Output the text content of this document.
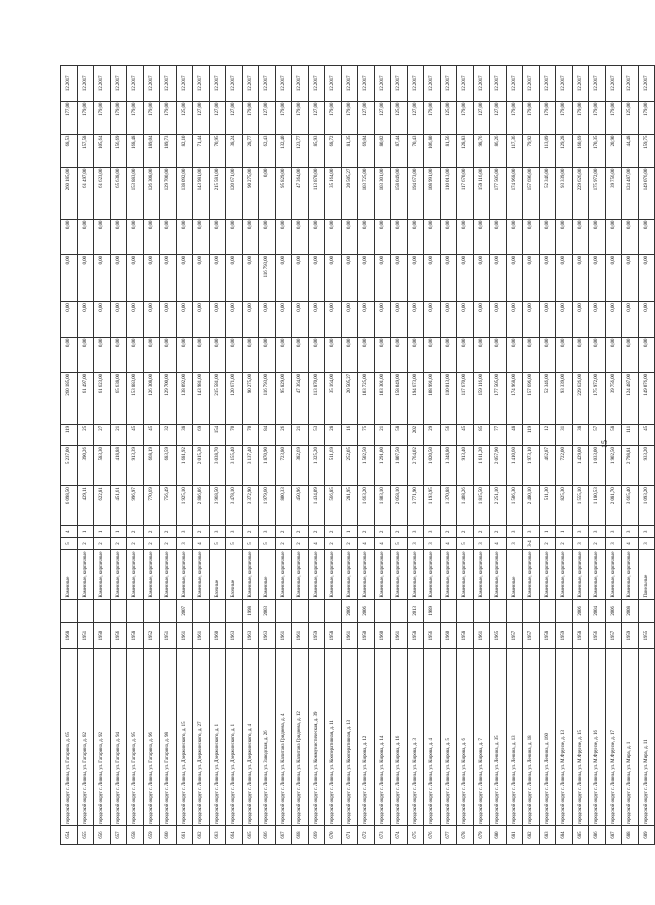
654	городской округ г. Ливны, ул. Гагарина, д. 65	1968		Каменные	5	4	6 098,50	5 237,00	119	260 185,00	0,00	0,00	0,00	0,00	260 185,00	68,53	177,00	12.2017
655	городской округ г. Ливны, ул. Гагарина, д. 82	1951		Каменные, кирпичные	2	1	429,11	390,26	25	61 497,00	0,00	0,00	0,00	0,00	61 497,00	157,58	179,00	12.2017
656	городской округ г. Ливны, ул. Гагарина, д. 92	1950		Каменные, кирпичные	2	1	622,81	583,30	27	61 623,00	0,00	0,00	0,00	0,00	61 623,00	105,64	179,00	12.2017
657	городской округ г. Ливны, ул. Гагарина, д. 94	1956		Каменные, кирпичные	2	1	451,61	418,88	21	65 638,00	0,00	0,00	0,00	0,00	65 638,00	156,69	179,00	12.2017
658	городской округ г. Ливны, ул. Гагарина, д. 95	1958		Каменные, кирпичные	2	2	996,97	913,39	45	153 883,00	0,00	0,00	0,00	0,00	153 883,00	168,48	179,00	12.2017
659	городской округ г. Ливны, ул. Гагарина, д. 96	1952		Каменные, кирпичные	2	2	770,69	668,19	45	126 308,00	0,00	0,00	0,00	0,00	126 308,00	189,04	179,00	12.2017
660	городской округ г. Ливны, ул. Гагарина, д. 98	1951		Каменные, кирпичные	2	2	756,49	683,59	32	129 700,00	0,00	0,00	0,00	0,00	129 700,00	189,73	179,00	12.2017
661	городской округ г. Ливны, ул. Дзержинского, д. 15	1961	2007	Каменные, кирпичные	3	3	1 925,10	1 681,92	38	138 092,00	0,00	0,00	0,00	0,00	138 092,00	82,10	125,00	12.2017
662	городской округ г. Ливны, ул. Дзержинского, д. 27	1961		Каменные, кирпичные	4	2	2 886,06	2 015,30	69	143 981,00	0,00	0,00	0,00	0,00	143 981,00	71,44	127,00	12.2017
663	городской округ г. Ливны, ул. Дзержинского, д. 1	1960		Блочные	5	3	3 968,50	3 038,70	154	215 581,00	0,00	0,00	0,00	0,00	215 581,00	70,95	127,00	12.2017
664	городской округ г. Ливны, ул. Дзержинского, д. 1	1963		Блочные	5	3	3 478,10	3 155,40	70	120 671,00	0,00	0,00	0,00	0,00	120 671,00	38,24	127,00	12.2017
665	городской округ г. Ливны, ул. Дзержинского, д. 4	1963	1998	Каменные, кирпичные	5	2	3 372,90	3 137,40	70	90 275,00	0,00	0,00	0,00	0,00	90 275,00	28,77	179,00	12.2017
666	городской округ г. Ливны, ул. Заводская, д. 26	1963	2003	Каменные	5	3	1 979,60	1 870,90	84	116 793,00	0,00	0,00	116 793,00	0,00	0,00	62,43	127,00	12.2017
667	городской округ г. Ливны, ул. Капитана Гриднева, д. 4	1961		Каменные, кирпичные	2	2	800,33	723,80	26	95 829,00	0,00	0,00	0,00	0,00	95 829,00	132,40	179,00	12.2017
668	городской округ г. Ливны, ул. Капитана Гриднева, д. 12	1961		Каменные, кирпичные	2	2	450,96	382,69	21	47 364,00	0,00	0,00	0,00	0,00	47 364,00	123,77	179,00	12.2017
669	городской округ г. Ливны, ул. Коммунистическая, д. 39	1959		Каменные, кирпичные	4	2	1 434,09	1 325,20	53	113 870,00	0,00	0,00	0,00	0,00	113 870,00	85,93	127,00	12.2017
670	городской округ г. Ливны, ул. Кооперативная, д. 11	1958		Каменные, кирпичные	2	2	566,85	511,69	28	35 164,00	0,00	0,00	0,00	0,00	35 164,00	68,72	179,00	12.2017
671	городской округ г. Ливны, ул. Кооперативная, д. 13	1961	2006	Каменные, кирпичные	2	1	281,95	252,05	16	20 505,27	0,00	0,00	0,00	0,00	20 505,27	81,35	179,00	12.2017
672	городской округ г. Ливны, ул. Кирова, д. 12	1950	2006	Каменные, кирпичные	4	2	1 663,20	1 502,50	75	103 725,00	0,00	0,00	0,00	0,00	103 725,00	69,04	127,00	12.2017
673	городской округ г. Ливны, ул. Кирова, д. 14	1960		Каменные, кирпичные	4	2	1 803,10	1 291,00	21	103 301,00	0,00	0,00	0,00	0,00	103 301,00	80,02	127,00	12.2017
674	городской округ г. Ливны, ул. Кирова, д. 16	1961		Каменные, кирпичные	5	2	2 058,10	1 807,50	58	158 049,00	0,00	0,00	0,00	0,00	158 049,00	87,44	125,00	12.2017
675	городской округ г. Ливны, ул. Кирова, д. 3	1958	2013	Каменные, кирпичные	3	3	3 771,90	2 764,02	202	194 673,00	0,00	0,00	0,00	0,00	194 673,00	70,43	127,00	12.2017
676	городской округ г. Ливны, ул. Кирова, д. 4	1956	1989	Каменные, кирпичные	3	3	1 193,95	1 020,50	29	108 991,00	0,00	0,00	0,00	0,00	108 991,00	106,80	179,00	12.2017
677	городской округ г. Ливны, ул. Кирова, д. 5	1960		Каменные, кирпичные	4	2	1 370,88	1 348,80	56	110 013,00	0,00	0,00	0,00	0,00	110 013,00	81,56	125,00	12.2017
678	городской округ г. Ливны, ул. Кирова, д. 6	1958		Каменные, кирпичные	5	2	1 408,26	913,40	45	117 670,00	0,00	0,00	0,00	0,00	117 670,00	128,83	179,00	12.2017
679	городской округ г. Ливны, ул. Кирова, д. 7	1961		Каменные, кирпичные	3	2	1 815,50	1 611,20	85	159 116,00	0,00	0,00	0,00	0,00	159 116,00	98,76	127,00	12.2017
680	городской округ г. Ливны, ул. Ленина, д. 35	1965		Каменные, кирпичные	4	2	2 251,10	2 057,90	77	177 505,00	0,00	0,00	0,00	0,00	177 505,00	86,26	127,00	12.2017
681	городской округ г. Ливны, ул. Ленина, д. 13	1957		Каменные	3	3	1 506,30	1 410,60	48	174 968,00	0,00	0,00	0,00	0,00	174 968,00	117,36	179,00	12.2017
682	городской округ г. Ливны, ул. Ленина, д. 18	1957		Каменные, кирпичные	3-4	3	2 480,10	1 973,10	119	157 696,00	0,00	0,00	0,00	0,00	157 696,00	79,92	179,00	12.2017
683	городской округ г. Ливны, ул. Ленина, д. 160	1958		Каменные, кирпичные	2	1	511,30	462,87	12	52 346,00	0,00	0,00	0,00	0,00	52 346,00	113,09	179,00	12.2017
684	городской округ г. Ливны, ул. М.Фрунзе, д. 13	1959		Каменные, кирпичные	2	1	825,30	722,00	31	93 339,00	0,00	0,00	0,00	0,00	93 339,00	129,28	179,00	12.2017
685	городской округ г. Ливны, ул. М.Фрунзе, д. 15	1958	2006	Каменные, кирпичные	3	3	1 555,10	1 429,00	38	229 626,00	0,00	0,00	0,00	0,00	229 626,00	160,69	179,00	12.2017
686	городской округ г. Ливны, ул. М.Фрунзе, д. 16	1956	2004	Каменные, кирпичные	2	3	1 180,53	1 033,00	57	175 972,00	0,00	0,00	0,00	0,00	175 972,00	170,35	179,00	12.2017
687	городской округ г. Ливны, ул. М.Фрунзе, д. 17	1957	2006	Каменные, кирпичные	3	3	2 081,70	1 902,50	58	39 756,00	0,00	0,00	0,00	0,00	39 756,00	20,90	179,00	12.2017
688	городской округ г. Ливны, ул. Мира, д. 1	1959	2008	Каменные, кирпичные	4	3	3 665,40	2 798,81	111	124 487,00	0,00	0,00	0,00	0,00	124 487,00	44,48	125,00	12.2017
689	городской округ г. Ливны, ул. Мира, д. 11	1955		Панельные	3	3	1 093,20	933,20	45	149 076,00	0,00	0,00	0,00	0,00	149 076,00	159,75	179,00	12.2017
15
